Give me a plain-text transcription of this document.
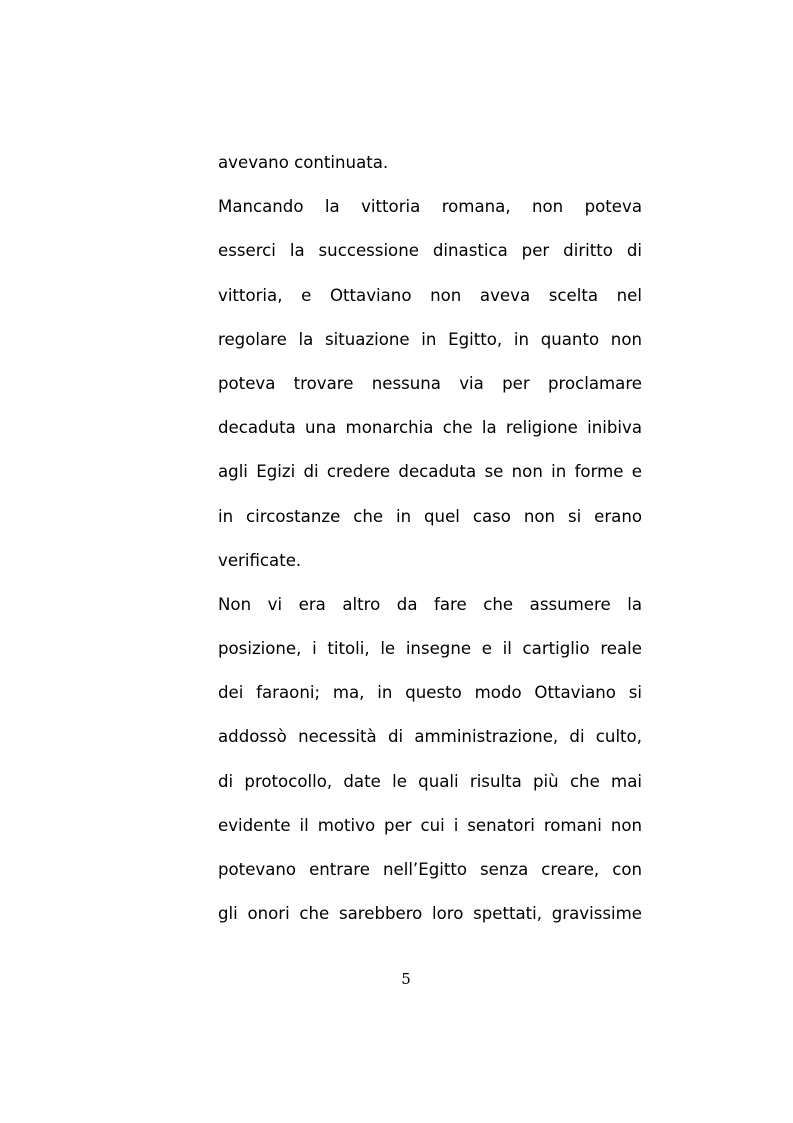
avevano continuata.
Mancando la vittoria romana, non poteva
esserci la successione dinastica per diritto di
vittoria, e Ottaviano non aveva scelta nel
regolare la situazione in Egitto, in quanto non
poteva trovare nessuna via per proclamare
decaduta una monarchia che la religione inibiva
agli Egizi di credere decaduta se non in forme e
in circostanze che in quel caso non si erano
verificate.
Non vi era altro da fare che assumere la
posizione, i titoli, le insegne e il cartiglio reale
dei faraoni; ma, in questo modo Ottaviano si
addossò necessità di amministrazione, di culto,
di protocollo, date le quali risulta più che mai
evidente il motivo per cui i senatori romani non
potevano entrare nell’Egitto senza creare, con
gli onori che sarebbero loro spettati, gravissime
5
